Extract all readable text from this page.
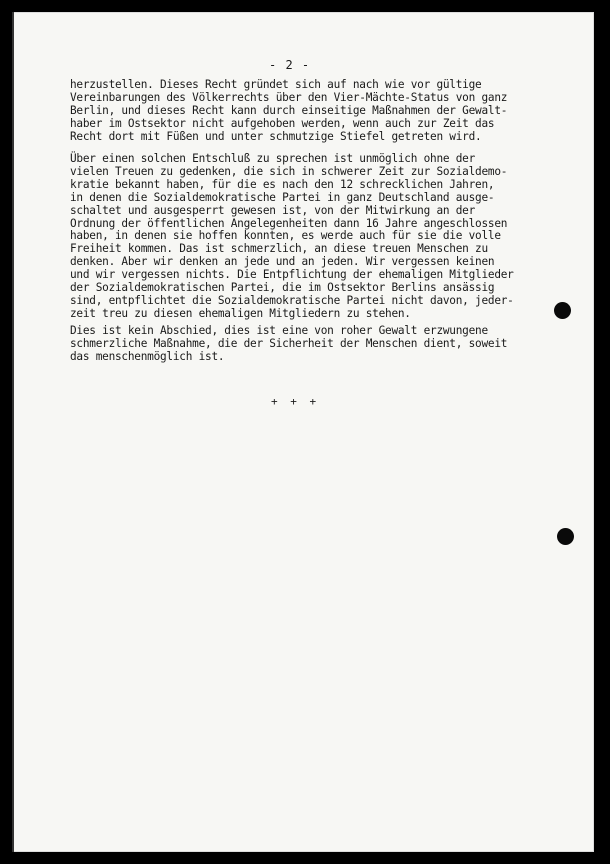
- 2 -
herzustellen. Dieses Recht gründet sich auf nach wie vor gültige
Vereinbarungen des Völkerrechts über den Vier-Mächte-Status von ganz
Berlin, und dieses Recht kann durch einseitige Maßnahmen der Gewalt-
haber im Ostsektor nicht aufgehoben werden, wenn auch zur Zeit das
Recht dort mit Füßen und unter schmutzige Stiefel getreten wird.
Über einen solchen Entschluß zu sprechen ist unmöglich ohne der
vielen Treuen zu gedenken, die sich in schwerer Zeit zur Sozialdemo-
kratie bekannt haben, für die es nach den 12 schrecklichen Jahren,
in denen die Sozialdemokratische Partei in ganz Deutschland ausge-
schaltet und ausgesperrt gewesen ist, von der Mitwirkung an der
Ordnung der öffentlichen Angelegenheiten dann 16 Jahre angeschlossen
haben, in denen sie hoffen konnten, es werde auch für sie die volle
Freiheit kommen. Das ist schmerzlich, an diese treuen Menschen zu
denken. Aber wir denken an jede und an jeden. Wir vergessen keinen
und wir vergessen nichts. Die Entpflichtung der ehemaligen Mitglieder
der Sozialdemokratischen Partei, die im Ostsektor Berlins ansässig
sind, entpflichtet die Sozialdemokratische Partei nicht davon, jeder-
zeit treu zu diesen ehemaligen Mitgliedern zu stehen.
Dies ist kein Abschied, dies ist eine von roher Gewalt erzwungene
schmerzliche Maßnahme, die der Sicherheit der Menschen dient, soweit
das menschenmöglich ist.
+ + +
